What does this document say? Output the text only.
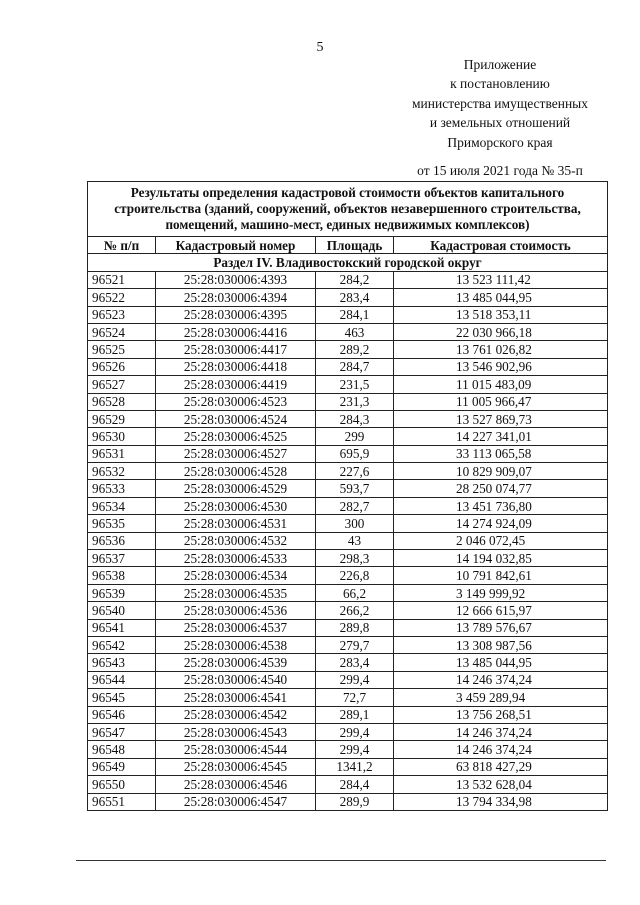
5
Приложение
к постановлению
министерства имущественных
и земельных отношений
Приморского края
от 15 июля 2021 года № 35-п
Результаты определения кадастровой стоимости объектов капитального строительства (зданий, сооружений, объектов незавершенного строительства, помещений, машино-мест, единых недвижимых комплексов)			
№ п/п	Кадастровый номер	Площадь	Кадастровая стоимость
Раздел IV. Владивостокский городской округ			
96521	25:28:030006:4393	284,2	13 523 111,42
96522	25:28:030006:4394	283,4	13 485 044,95
96523	25:28:030006:4395	284,1	13 518 353,11
96524	25:28:030006:4416	463	22 030 966,18
96525	25:28:030006:4417	289,2	13 761 026,82
96526	25:28:030006:4418	284,7	13 546 902,96
96527	25:28:030006:4419	231,5	11 015 483,09
96528	25:28:030006:4523	231,3	11 005 966,47
96529	25:28:030006:4524	284,3	13 527 869,73
96530	25:28:030006:4525	299	14 227 341,01
96531	25:28:030006:4527	695,9	33 113 065,58
96532	25:28:030006:4528	227,6	10 829 909,07
96533	25:28:030006:4529	593,7	28 250 074,77
96534	25:28:030006:4530	282,7	13 451 736,80
96535	25:28:030006:4531	300	14 274 924,09
96536	25:28:030006:4532	43	2 046 072,45
96537	25:28:030006:4533	298,3	14 194 032,85
96538	25:28:030006:4534	226,8	10 791 842,61
96539	25:28:030006:4535	66,2	3 149 999,92
96540	25:28:030006:4536	266,2	12 666 615,97
96541	25:28:030006:4537	289,8	13 789 576,67
96542	25:28:030006:4538	279,7	13 308 987,56
96543	25:28:030006:4539	283,4	13 485 044,95
96544	25:28:030006:4540	299,4	14 246 374,24
96545	25:28:030006:4541	72,7	3 459 289,94
96546	25:28:030006:4542	289,1	13 756 268,51
96547	25:28:030006:4543	299,4	14 246 374,24
96548	25:28:030006:4544	299,4	14 246 374,24
96549	25:28:030006:4545	1341,2	63 818 427,29
96550	25:28:030006:4546	284,4	13 532 628,04
96551	25:28:030006:4547	289,9	13 794 334,98
